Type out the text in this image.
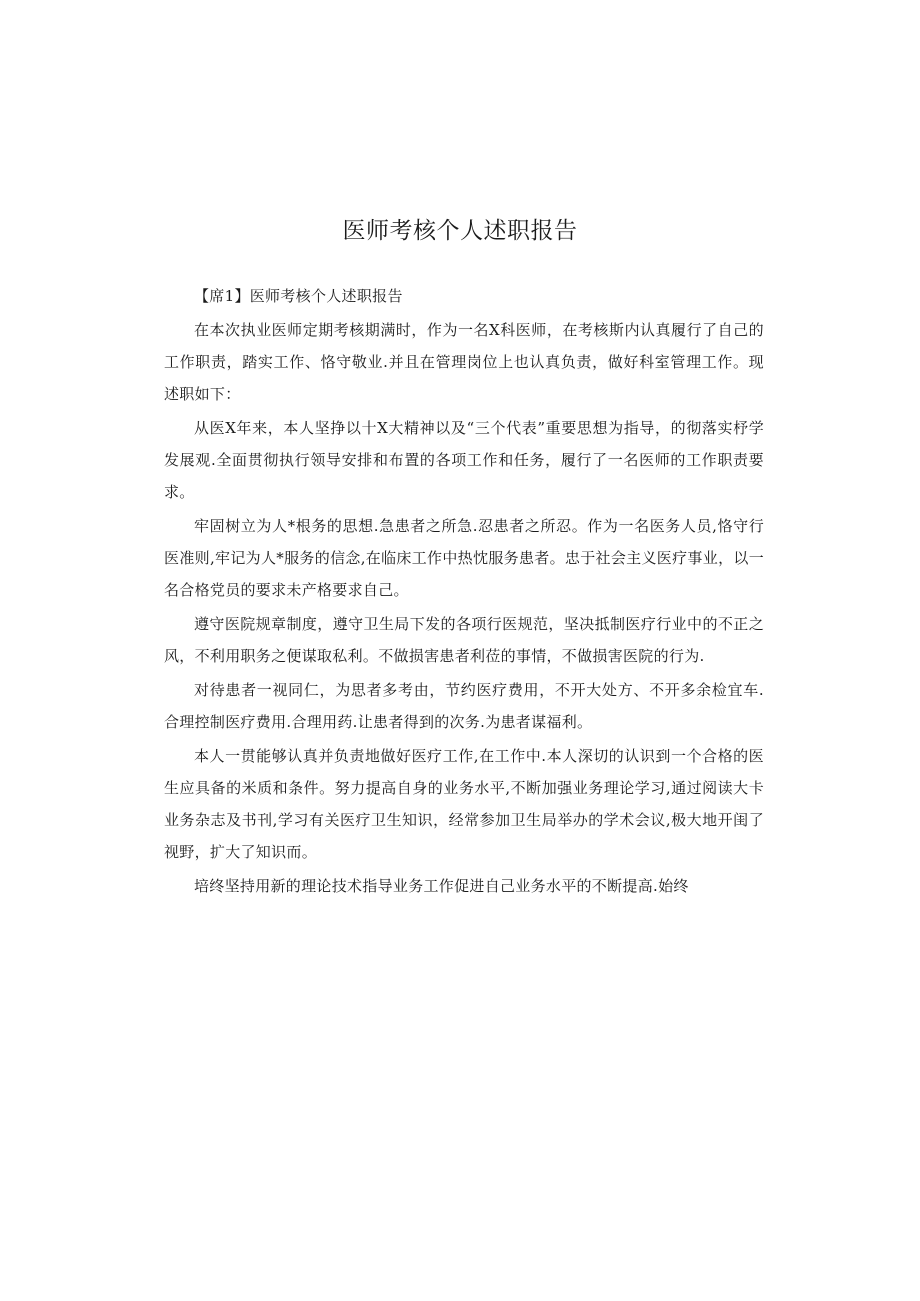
医师考核个人述职报告

【席1】医师考核个人述职报告

在本次执业医师定期考核期满时，作为一名X科医师，在考核斯内认真履行了自己的工作职责，踏实工作、恪守敬业.并且在管理岗位上也认真负责，做好科室管理工作。现述职如下：

从医X年来，本人坚挣以十X大精神以及“三个代表”重要思想为指导，的彻落实杼学发展观.全面贯彻执行领导安排和布置的各项工作和任务，履行了一名医师的工作职责要求。

牢固树立为人*根务的思想.急患者之所急.忍患者之所忍。作为一名医务人员,恪守行医准则,牢记为人*服务的信念,在临床工作中热忱服务患者。忠于社会主义医疗事业，以一名合格党员的要求未产格要求自己。

遵守医院规章制度，遵守卫生局下发的各项行医规范，坚决抵制医疗行业中的不正之风，不利用职务之便谋取私利。不做损害患者利莅的事情，不做损害医院的行为.

对待患者一视同仁，为思者多考由，节约医疗费用，不开大处方、不开多余检宜车.合理控制医疗费用.合理用药.让患者得到的次务.为患者谋福利。

本人一贯能够认真并负责地做好医疗工作,在工作中.本人深切的认识到一个合格的医生应具备的米质和条件。努力提高自身的业务水平,不断加强业务理论学习,通过阅读大卡业务杂志及书刊,学习有关医疗卫生知识，经常参加卫生局举办的学术会议,极大地开闺了视野，扩大了知识而。

培终坚持用新的理论技术指导业务工作促进自己业务水平的不断提高.始终
